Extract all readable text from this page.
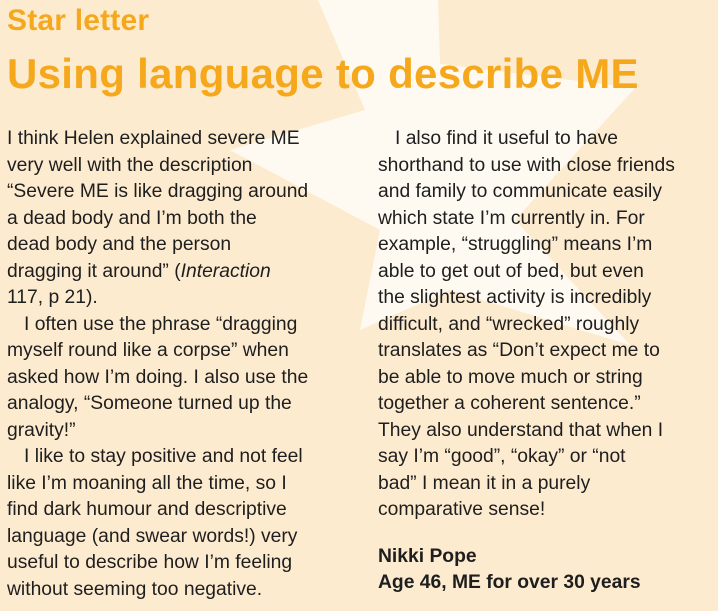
Star letter
Using language to describe ME
I think Helen explained severe ME
very well with the description
“Severe ME is like dragging around
a dead body and I’m both the
dead body and the person
dragging it around” (Interaction
117, p 21).
I often use the phrase “dragging
myself round like a corpse” when
asked how I’m doing. I also use the
analogy, “Someone turned up the
gravity!”
I like to stay positive and not feel
like I’m moaning all the time, so I
find dark humour and descriptive
language (and swear words!) very
useful to describe how I’m feeling
without seeming too negative.
I also find it useful to have
shorthand to use with close friends
and family to communicate easily
which state I’m currently in. For
example, “struggling” means I’m
able to get out of bed, but even
the slightest activity is incredibly
difficult, and “wrecked” roughly
translates as “Don’t expect me to
be able to move much or string
together a coherent sentence.”
They also understand that when I
say I’m “good”, “okay” or “not
bad” I mean it in a purely
comparative sense!
Nikki Pope
Age 46, ME for over 30 years
